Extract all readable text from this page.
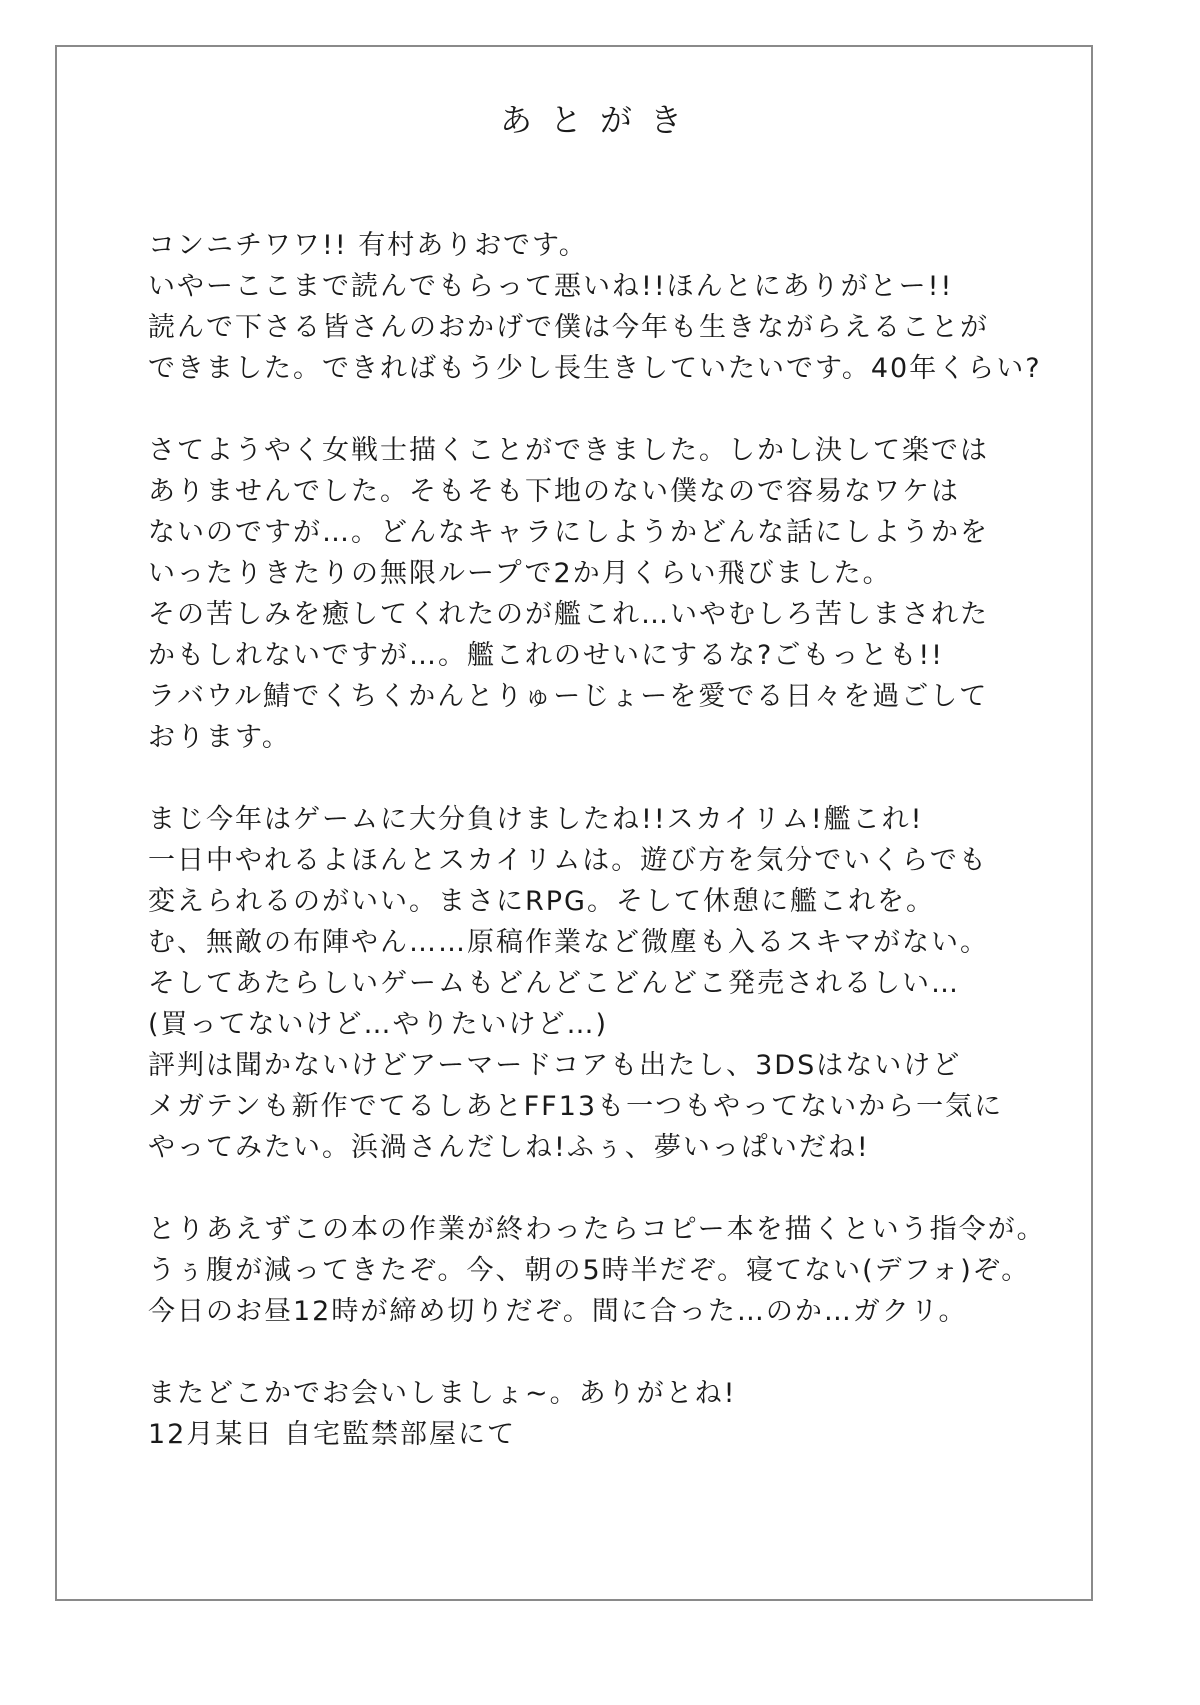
あとがき
コンニチワワ!! 有村ありおです。
いやーここまで読んでもらって悪いね!!ほんとにありがとー!!
読んで下さる皆さんのおかげで僕は今年も生きながらえることが
できました。できればもう少し長生きしていたいです。40年くらい?
さてようやく女戦士描くことができました。しかし決して楽では
ありませんでした。そもそも下地のない僕なので容易なワケは
ないのですが…。どんなキャラにしようかどんな話にしようかを
いったりきたりの無限ループで2か月くらい飛びました。
その苦しみを癒してくれたのが艦これ…いやむしろ苦しまされた
かもしれないですが…。艦これのせいにするな?ごもっとも!!
ラバウル鯖でくちくかんとりゅーじょーを愛でる日々を過ごして
おります。
まじ今年はゲームに大分負けましたね!!スカイリム!艦これ!
一日中やれるよほんとスカイリムは。遊び方を気分でいくらでも
変えられるのがいい。まさにRPG。そして休憩に艦これを。
む、無敵の布陣やん……原稿作業など微塵も入るスキマがない。
そしてあたらしいゲームもどんどこどんどこ発売されるしい…
(買ってないけど…やりたいけど…)
評判は聞かないけどアーマードコアも出たし、3DSはないけど
メガテンも新作でてるしあとFF13も一つもやってないから一気に
やってみたい。浜渦さんだしね!ふぅ、夢いっぱいだね!
とりあえずこの本の作業が終わったらコピー本を描くという指令が。
うぅ腹が減ってきたぞ。今、朝の5時半だぞ。寝てない(デフォ)ぞ。
今日のお昼12時が締め切りだぞ。間に合った…のか…ガクリ。
またどこかでお会いしましょ~。ありがとね!
12月某日 自宅監禁部屋にて
